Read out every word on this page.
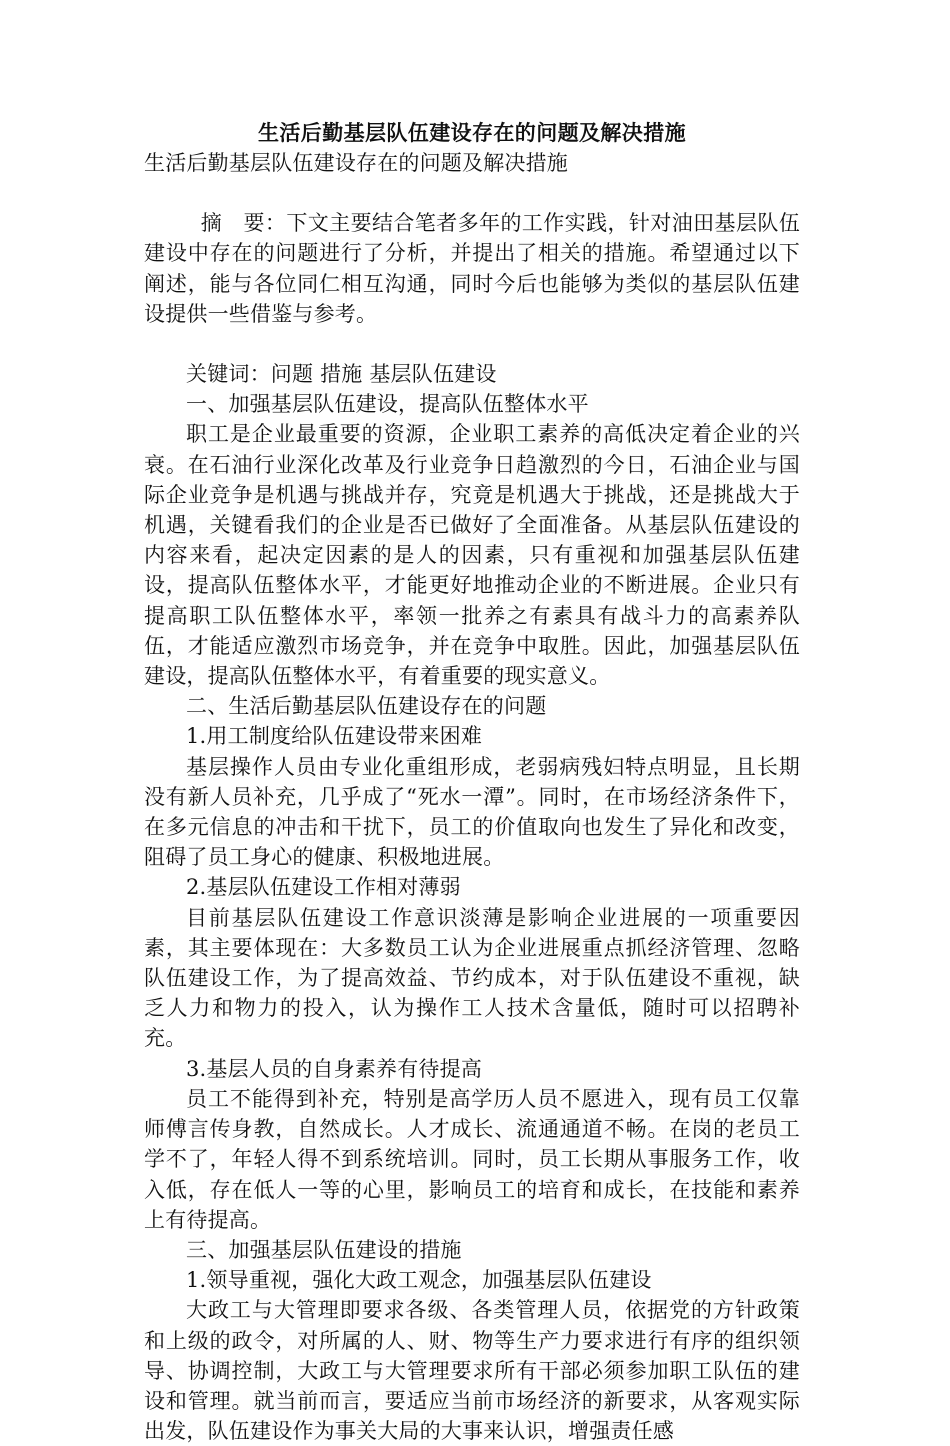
生活后勤基层队伍建设存在的问题及解决措施

生活后勤基层队伍建设存在的问题及解决措施

摘　要：下文主要结合笔者多年的工作实践，针对油田基层队伍建设中存在的问题进行了分析，并提出了相关的措施。希望通过以下阐述，能与各位同仁相互沟通，同时今后也能够为类似的基层队伍建设提供一些借鉴与参考。

关键词：问题 措施 基层队伍建设

一、加强基层队伍建设，提高队伍整体水平

职工是企业最重要的资源，企业职工素养的高低决定着企业的兴衰。在石油行业深化改革及行业竞争日趋激烈的今日，石油企业与国际企业竞争是机遇与挑战并存，究竟是机遇大于挑战，还是挑战大于机遇，关键看我们的企业是否已做好了全面准备。从基层队伍建设的内容来看，起决定因素的是人的因素，只有重视和加强基层队伍建设，提高队伍整体水平，才能更好地推动企业的不断进展。企业只有提高职工队伍整体水平，率领一批养之有素具有战斗力的高素养队伍，才能适应激烈市场竞争，并在竞争中取胜。因此，加强基层队伍建设，提高队伍整体水平，有着重要的现实意义。

二、生活后勤基层队伍建设存在的问题

1.用工制度给队伍建设带来困难

基层操作人员由专业化重组形成，老弱病残妇特点明显，且长期没有新人员补充，几乎成了“死水一潭”。同时，在市场经济条件下，在多元信息的冲击和干扰下，员工的价值取向也发生了异化和改变，阻碍了员工身心的健康、积极地进展。

2.基层队伍建设工作相对薄弱

目前基层队伍建设工作意识淡薄是影响企业进展的一项重要因素，其主要体现在：大多数员工认为企业进展重点抓经济管理、忽略队伍建设工作，为了提高效益、节约成本，对于队伍建设不重视，缺乏人力和物力的投入，认为操作工人技术含量低，随时可以招聘补充。

3.基层人员的自身素养有待提高

员工不能得到补充，特别是高学历人员不愿进入，现有员工仅靠师傅言传身教，自然成长。人才成长、流通通道不畅。在岗的老员工学不了，年轻人得不到系统培训。同时，员工长期从事服务工作，收入低，存在低人一等的心里，影响员工的培育和成长，在技能和素养上有待提高。

三、加强基层队伍建设的措施

1.领导重视，强化大政工观念，加强基层队伍建设

大政工与大管理即要求各级、各类管理人员，依据党的方针政策和上级的政令，对所属的人、财、物等生产力要求进行有序的组织领导、协调控制，大政工与大管理要求所有干部必须参加职工队伍的建设和管理。就当前而言，要适应当前市场经济的新要求，从客观实际出发，队伍建设作为事关大局的大事来认识，增强责任感
